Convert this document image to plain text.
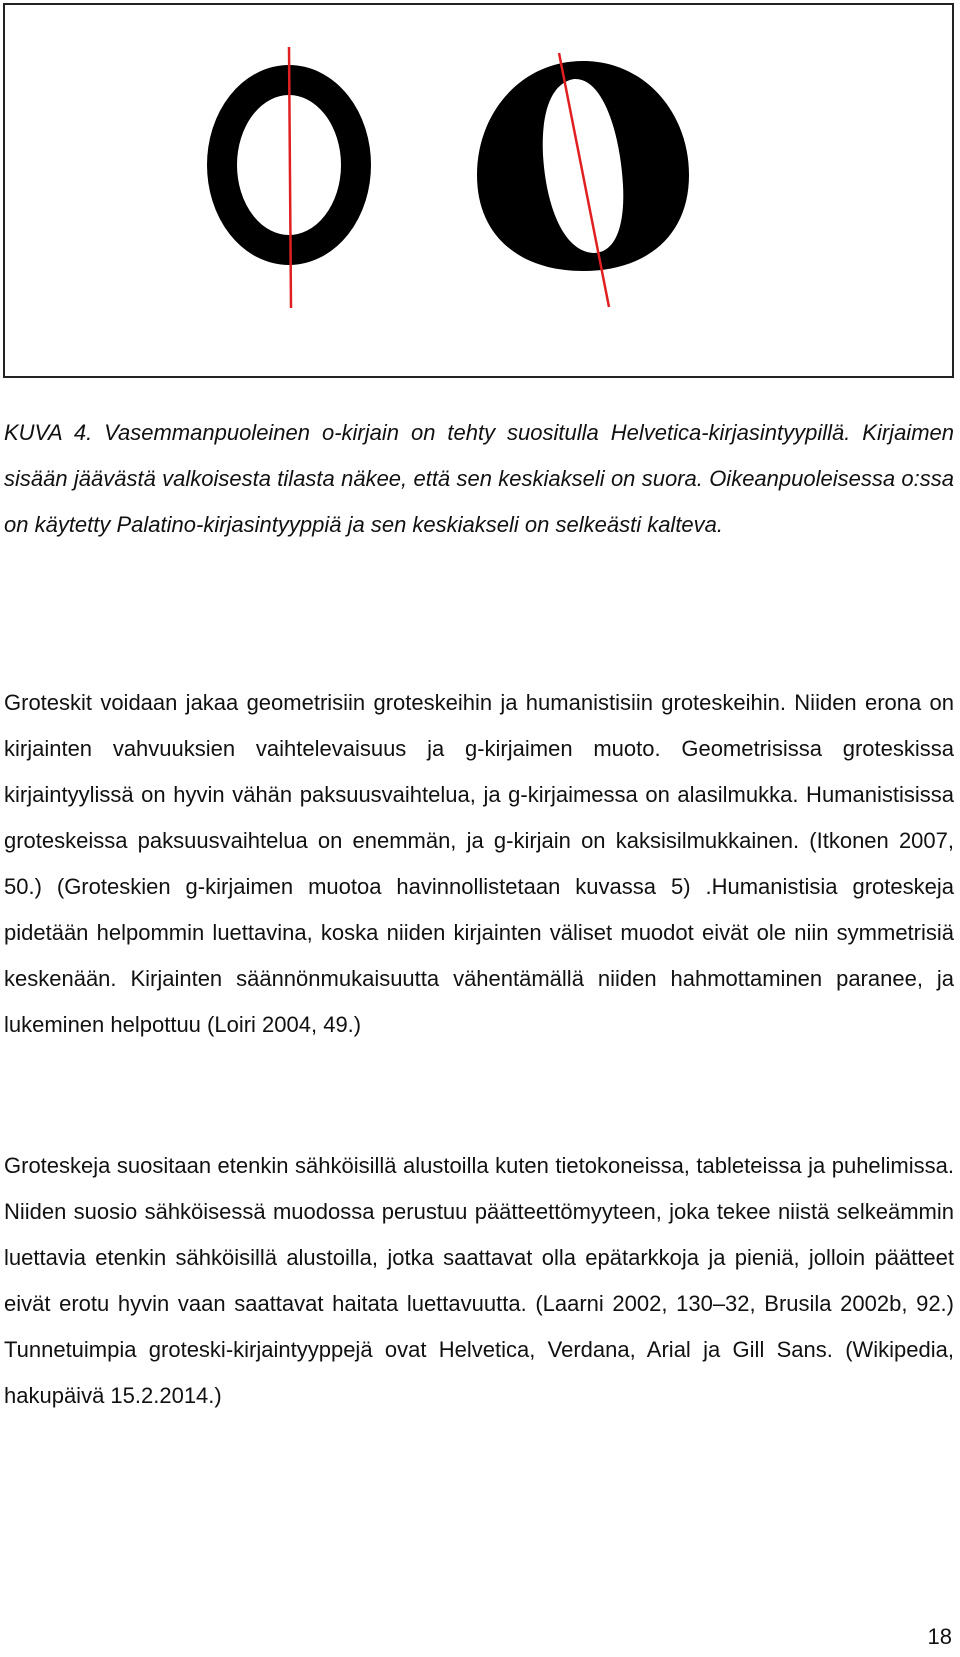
KUVA 4. Vasemmanpuoleinen o-kirjain on tehty suositulla Helvetica-kirjasintyypillä. Kirjaimen sisään jäävästä valkoisesta tilasta näkee, että sen keskiakseli on suora. Oikeanpuoleisessa o:ssa on käytetty Palatino-kirjasintyyppiä ja sen keskiakseli on selkeästi kalteva.

Groteskit voidaan jakaa geometrisiin groteskeihin ja humanistisiin groteskeihin. Niiden erona on kirjainten vahvuuksien vaihtelevaisuus ja g-kirjaimen muoto. Geometrisissa groteskissa kirjaintyylissä on hyvin vähän paksuusvaihtelua, ja g-kirjaimessa on alasilmukka. Humanistisissa groteskeissa paksuusvaihtelua on enemmän, ja g-kirjain on kaksisilmukkainen. (Itkonen 2007, 50.) (Groteskien g-kirjaimen muotoa havinnollistetaan kuvassa 5) .Humanistisia groteskeja pidetään helpommin luettavina, koska niiden kirjainten väliset muodot eivät ole niin symmetrisiä keskenään. Kirjainten säännönmukaisuutta vähentämällä niiden hahmottaminen paranee, ja lukeminen helpottuu (Loiri 2004, 49.)

Groteskeja suositaan etenkin sähköisillä alustoilla kuten tietokoneissa, tableteissa ja puhelimissa. Niiden suosio sähköisessä muodossa perustuu päätteettömyyteen, joka tekee niistä selkeämmin luettavia etenkin sähköisillä alustoilla, jotka saattavat olla epätarkkoja ja pieniä, jolloin päätteet eivät erotu hyvin vaan saattavat haitata luettavuutta. (Laarni 2002, 130–32, Brusila 2002b, 92.) Tunnetuimpia groteski-kirjaintyyppejä ovat Helvetica, Verdana, Arial ja Gill Sans. (Wikipedia, hakupäivä 15.2.2014.)

18
